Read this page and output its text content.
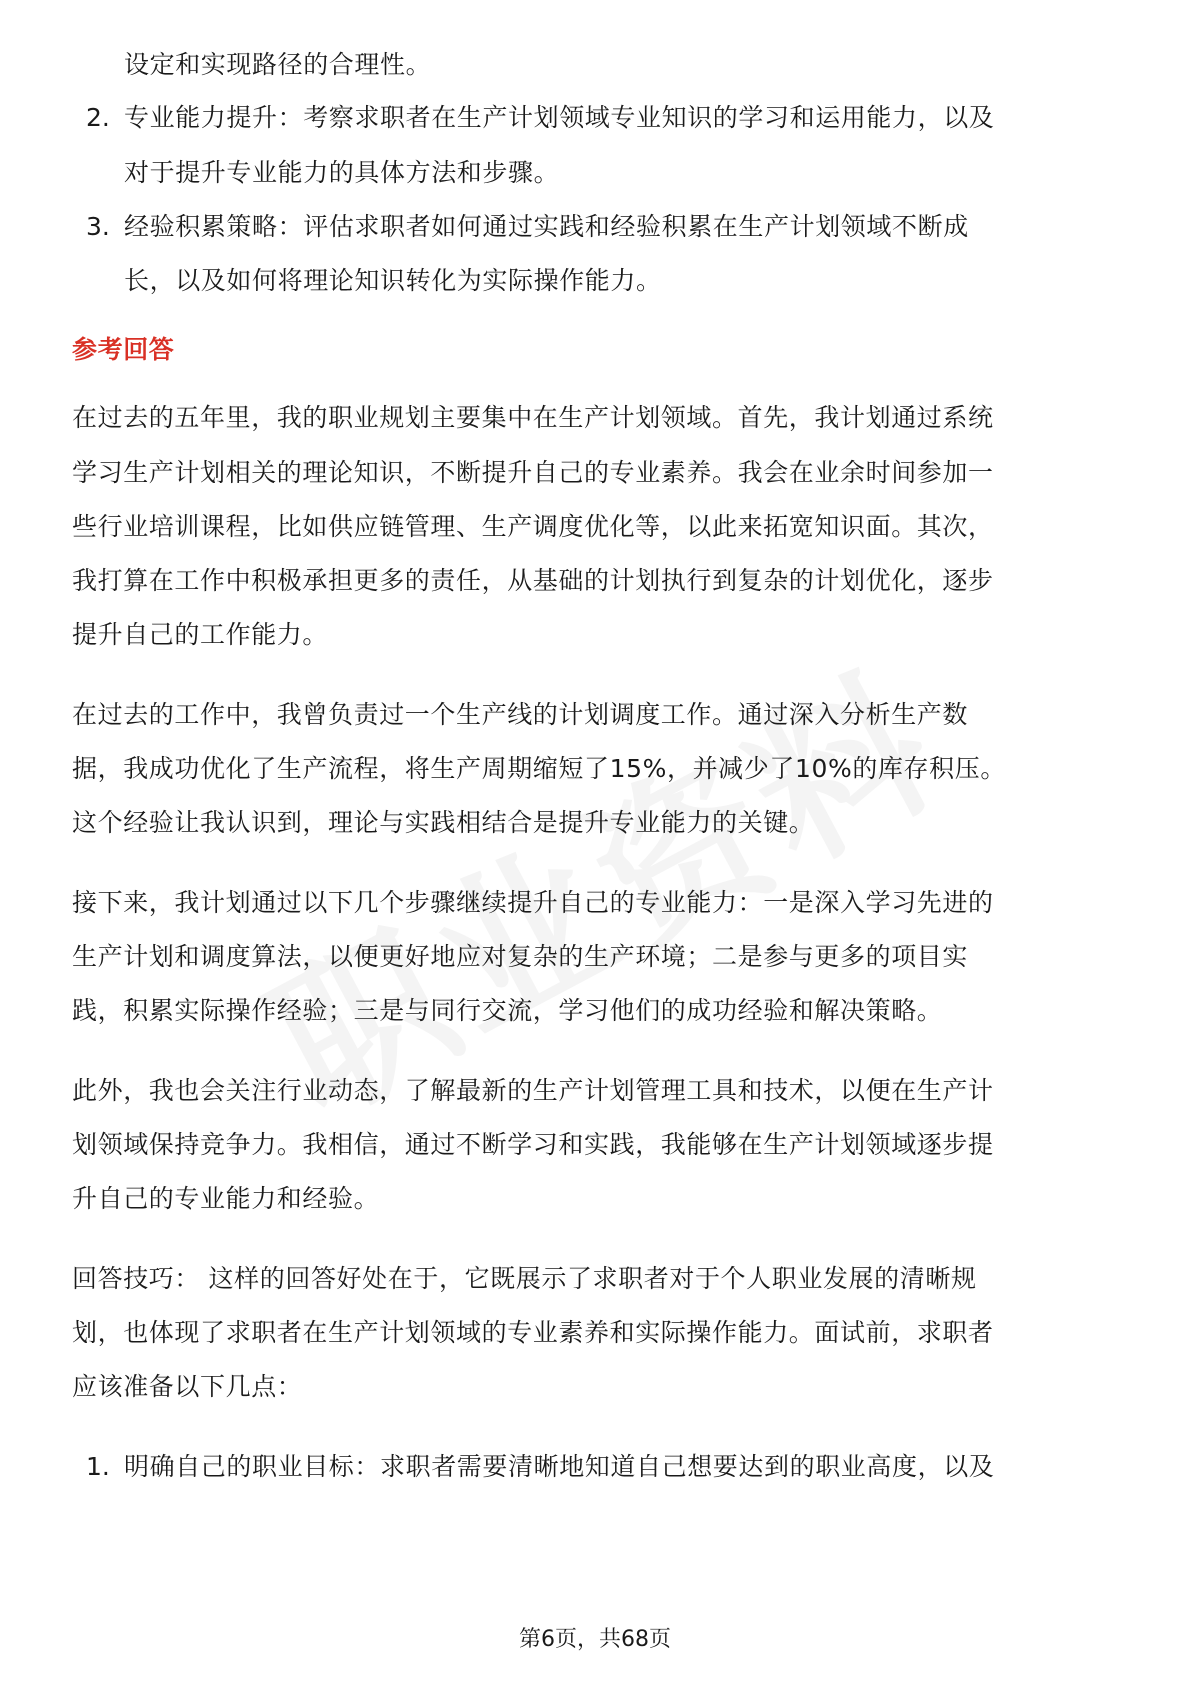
设定和实现路径的合理性。
2. 专业能力提升：考察求职者在生产计划领域专业知识的学习和运用能力，以及
对于提升专业能力的具体方法和步骤。
3. 经验积累策略：评估求职者如何通过实践和经验积累在生产计划领域不断成
长，以及如何将理论知识转化为实际操作能力。
参考回答
在过去的五年里，我的职业规划主要集中在生产计划领域。首先，我计划通过系统
学习生产计划相关的理论知识，不断提升自己的专业素养。我会在业余时间参加一
些行业培训课程，比如供应链管理、生产调度优化等，以此来拓宽知识面。其次，
我打算在工作中积极承担更多的责任，从基础的计划执行到复杂的计划优化，逐步
提升自己的工作能力。
在过去的工作中，我曾负责过一个生产线的计划调度工作。通过深入分析生产数
据，我成功优化了生产流程，将生产周期缩短了15%，并减少了10%的库存积压。
这个经验让我认识到，理论与实践相结合是提升专业能力的关键。
接下来，我计划通过以下几个步骤继续提升自己的专业能力：一是深入学习先进的
生产计划和调度算法，以便更好地应对复杂的生产环境；二是参与更多的项目实
践，积累实际操作经验；三是与同行交流，学习他们的成功经验和解决策略。
此外，我也会关注行业动态，了解最新的生产计划管理工具和技术，以便在生产计
划领域保持竞争力。我相信，通过不断学习和实践，我能够在生产计划领域逐步提
升自己的专业能力和经验。
回答技巧： 这样的回答好处在于，它既展示了求职者对于个人职业发展的清晰规
划，也体现了求职者在生产计划领域的专业素养和实际操作能力。面试前，求职者
应该准备以下几点：
1. 明确自己的职业目标：求职者需要清晰地知道自己想要达到的职业高度，以及
第6页，共68页
